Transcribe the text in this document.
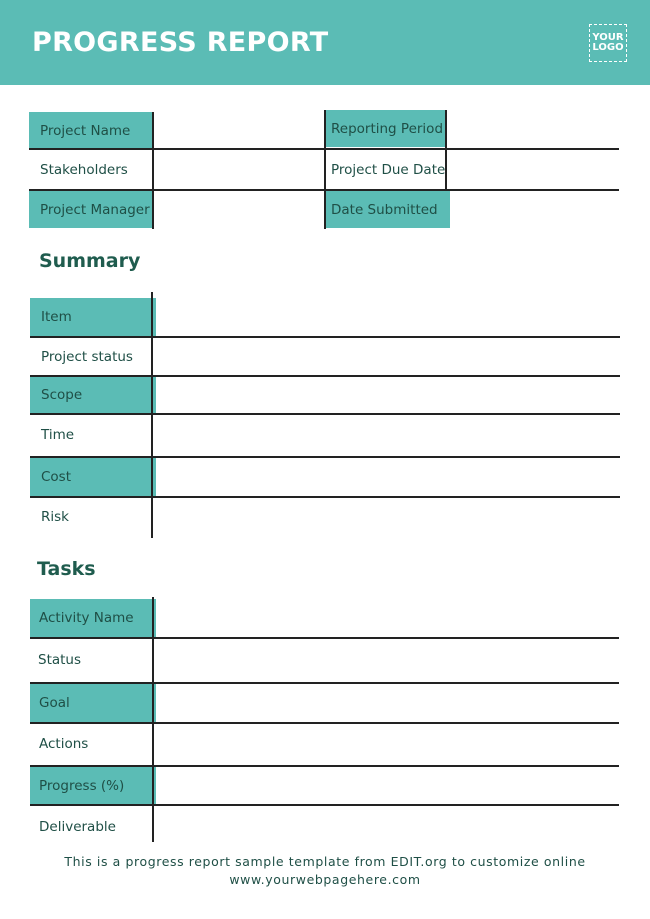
PROGRESS REPORT	YOUR
LOGO
Project Name
Stakeholders
Project Manager
Reporting Period
Project Due Date
Date Submitted
Summary
Item
Project status
Scope
Time
Cost
Risk
Tasks
Activity Name
Status
Goal
Actions
Progress (%)
Deliverable
This is a progress report sample template from EDIT.org to customize online
www.yourwebpagehere.com
